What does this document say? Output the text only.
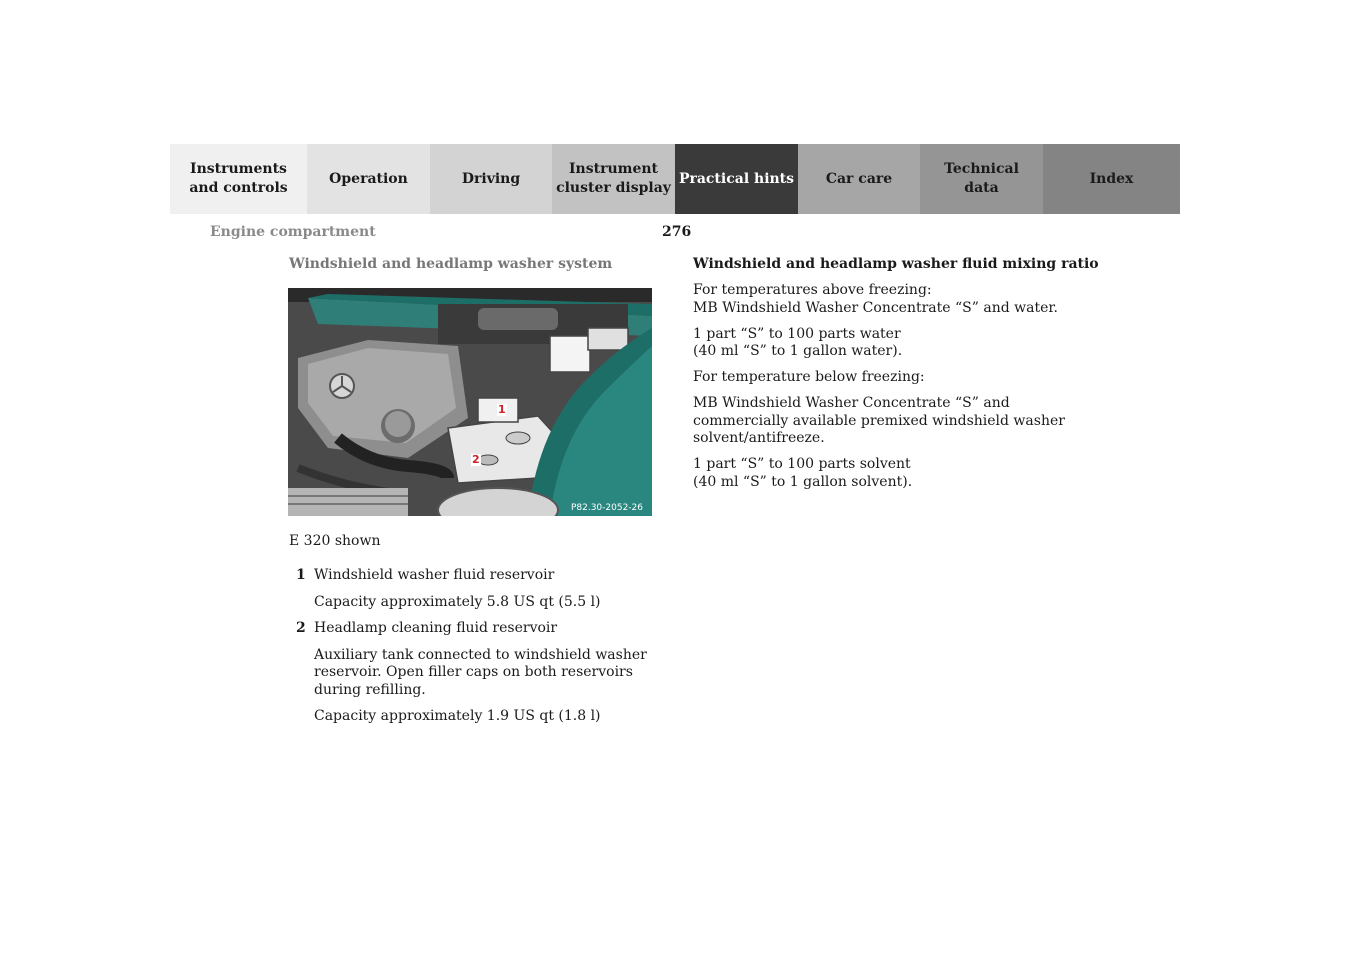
Instruments
and controls
Operation	Driving
Instrument
cluster display
Practical hints Car care
Technical
data
Index
Engine compartment	276
Windshield and headlamp washer system
1
2
P82.30-2052-26
E 320 shown
1 Windshield washer fluid reservoir
Capacity approximately 5.8 US qt (5.5 l)
2 Headlamp cleaning fluid reservoir
Auxiliary tank connected to windshield washer reservoir. Open filler caps on both reservoirs during refilling.
Capacity approximately 1.9 US qt (1.8 l)
Windshield and headlamp washer fluid mixing ratio

For temperatures above freezing:
MB Windshield Washer Concentrate “S” and water.

1 part “S” to 100 parts water
(40 ml “S” to 1 gallon water).

For temperature below freezing:

MB Windshield Washer Concentrate “S” and commercially available premixed windshield washer solvent/antifreeze.

1 part “S” to 100 parts solvent
(40 ml “S” to 1 gallon solvent).
